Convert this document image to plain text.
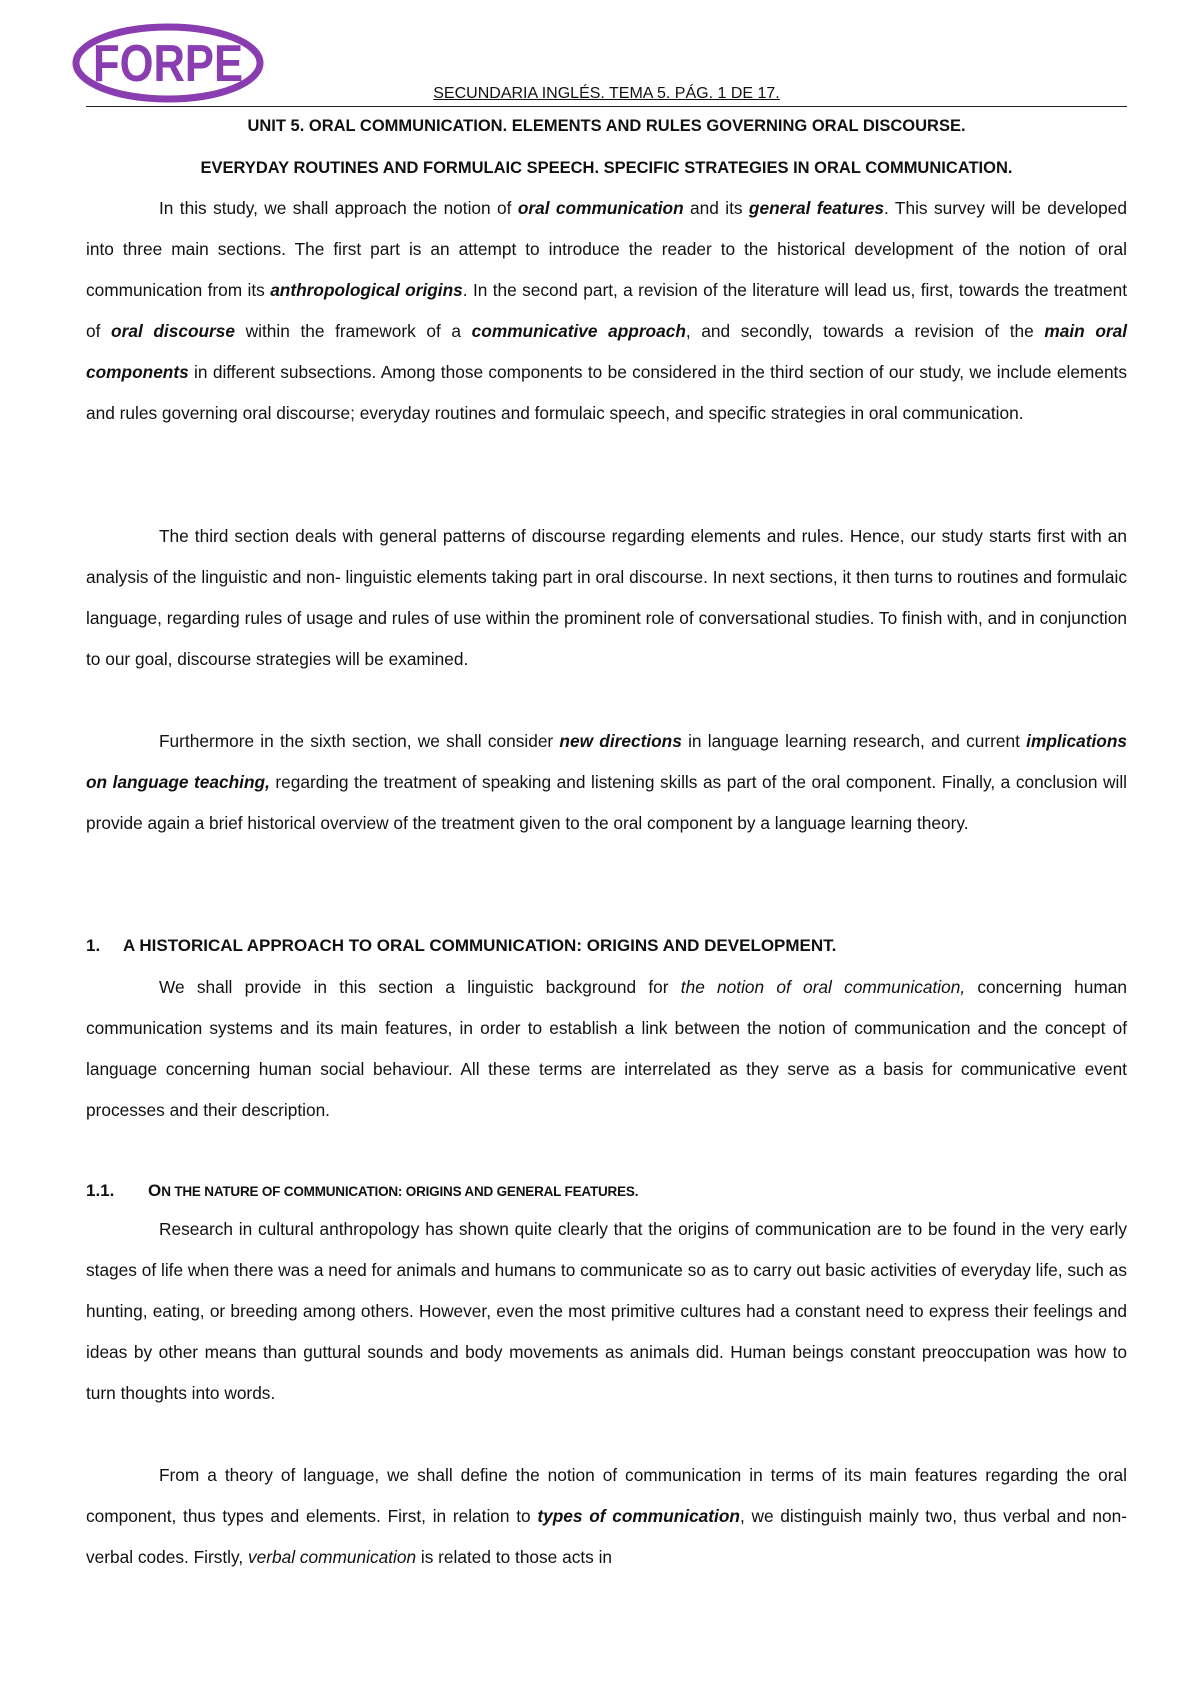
FORPE
SECUNDARIA INGLÉS. TEMA 5. PÁG. 1 DE 17.

UNIT 5. ORAL COMMUNICATION. ELEMENTS AND RULES GOVERNING ORAL DISCOURSE.

EVERYDAY ROUTINES AND FORMULAIC SPEECH. SPECIFIC STRATEGIES IN ORAL COMMUNICATION.

In this study, we shall approach the notion of oral communication and its general features. This survey will be developed into three main sections. The first part is an attempt to introduce the reader to the historical development of the notion of oral communication from its anthropological origins. In the second part, a revision of the literature will lead us, first, towards the treatment of oral discourse within the framework of a communicative approach, and secondly, towards a revision of the main oral components in different subsections. Among those components to be considered in the third section of our study, we include elements and rules governing oral discourse; everyday routines and formulaic speech, and specific strategies in oral communication.

The third section deals with general patterns of discourse regarding elements and rules. Hence, our study starts first with an analysis of the linguistic and non- linguistic elements taking part in oral discourse. In next sections, it then turns to routines and formulaic language, regarding rules of usage and rules of use within the prominent role of conversational studies. To finish with, and in conjunction to our goal, discourse strategies will be examined.

Furthermore in the sixth section, we shall consider new directions in language learning research, and current implications on language teaching, regarding the treatment of speaking and listening skills as part of the oral component. Finally, a conclusion will provide again a brief historical overview of the treatment given to the oral component by a language learning theory.

1. A HISTORICAL APPROACH TO ORAL COMMUNICATION: ORIGINS AND DEVELOPMENT.

We shall provide in this section a linguistic background for the notion of oral communication, concerning human communication systems and its main features, in order to establish a link between the notion of communication and the concept of language concerning human social behaviour. All these terms are interrelated as they serve as a basis for communicative event processes and their description.

1.1. ON THE NATURE OF COMMUNICATION: ORIGINS AND GENERAL FEATURES.

Research in cultural anthropology has shown quite clearly that the origins of communication are to be found in the very early stages of life when there was a need for animals and humans to communicate so as to carry out basic activities of everyday life, such as hunting, eating, or breeding among others. However, even the most primitive cultures had a constant need to express their feelings and ideas by other means than guttural sounds and body movements as animals did. Human beings constant preoccupation was how to turn thoughts into words.

From a theory of language, we shall define the notion of communication in terms of its main features regarding the oral component, thus types and elements. First, in relation to types of communication, we distinguish mainly two, thus verbal and non-verbal codes. Firstly, verbal communication is related to those acts in
